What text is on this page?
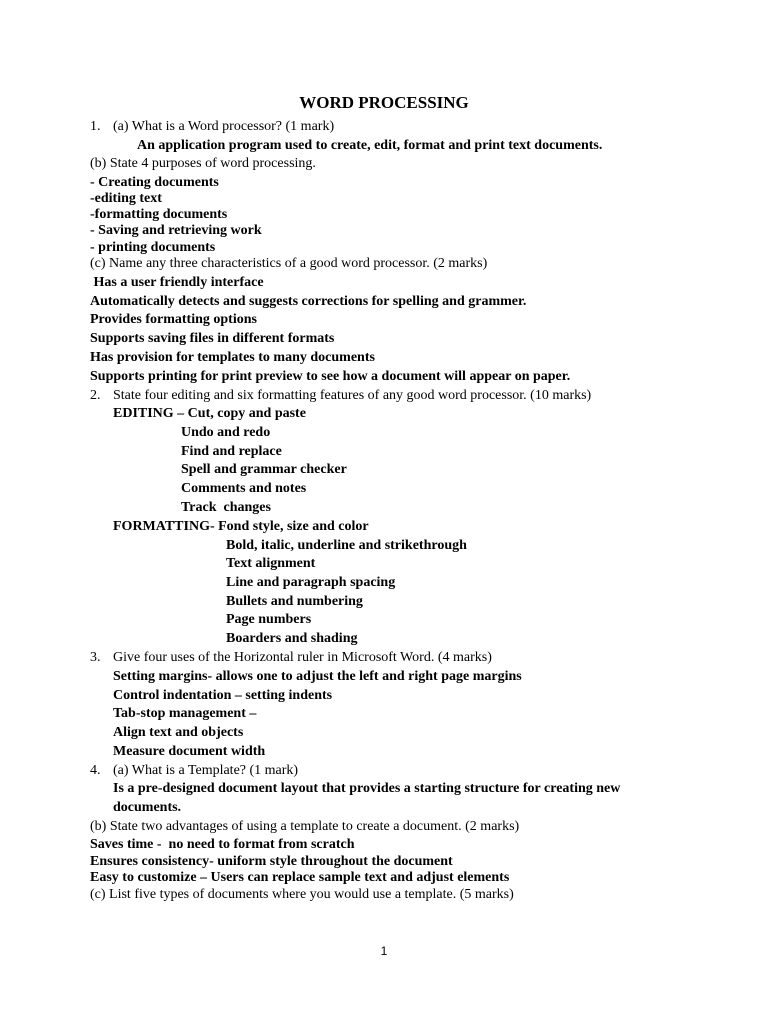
WORD PROCESSING
1. (a) What is a Word processor? (1 mark)
An application program used to create, edit, format and print text documents.
(b) State 4 purposes of word processing.
- Creating documents
-editing text
-formatting documents
- Saving and retrieving work
- printing documents
(c) Name any three characteristics of a good word processor. (2 marks)
Has a user friendly interface
Automatically detects and suggests corrections for spelling and grammer.
Provides formatting options
Supports saving files in different formats
Has provision for templates to many documents
Supports printing for print preview to see how a document will appear on paper.
2. State four editing and six formatting features of any good word processor. (10 marks)
EDITING – Cut, copy and paste
Undo and redo
Find and replace
Spell and grammar checker
Comments and notes
Track  changes
FORMATTING- Fond style, size and color
Bold, italic, underline and strikethrough
Text alignment
Line and paragraph spacing
Bullets and numbering
Page numbers
Boarders and shading
3. Give four uses of the Horizontal ruler in Microsoft Word. (4 marks)
Setting margins- allows one to adjust the left and right page margins
Control indentation – setting indents
Tab-stop management –
Align text and objects
Measure document width
4. (a) What is a Template? (1 mark)
Is a pre-designed document layout that provides a starting structure for creating new
documents.
(b) State two advantages of using a template to create a document. (2 marks)
Saves time -  no need to format from scratch
Ensures consistency- uniform style throughout the document
Easy to customize – Users can replace sample text and adjust elements
(c) List five types of documents where you would use a template. (5 marks)
1
